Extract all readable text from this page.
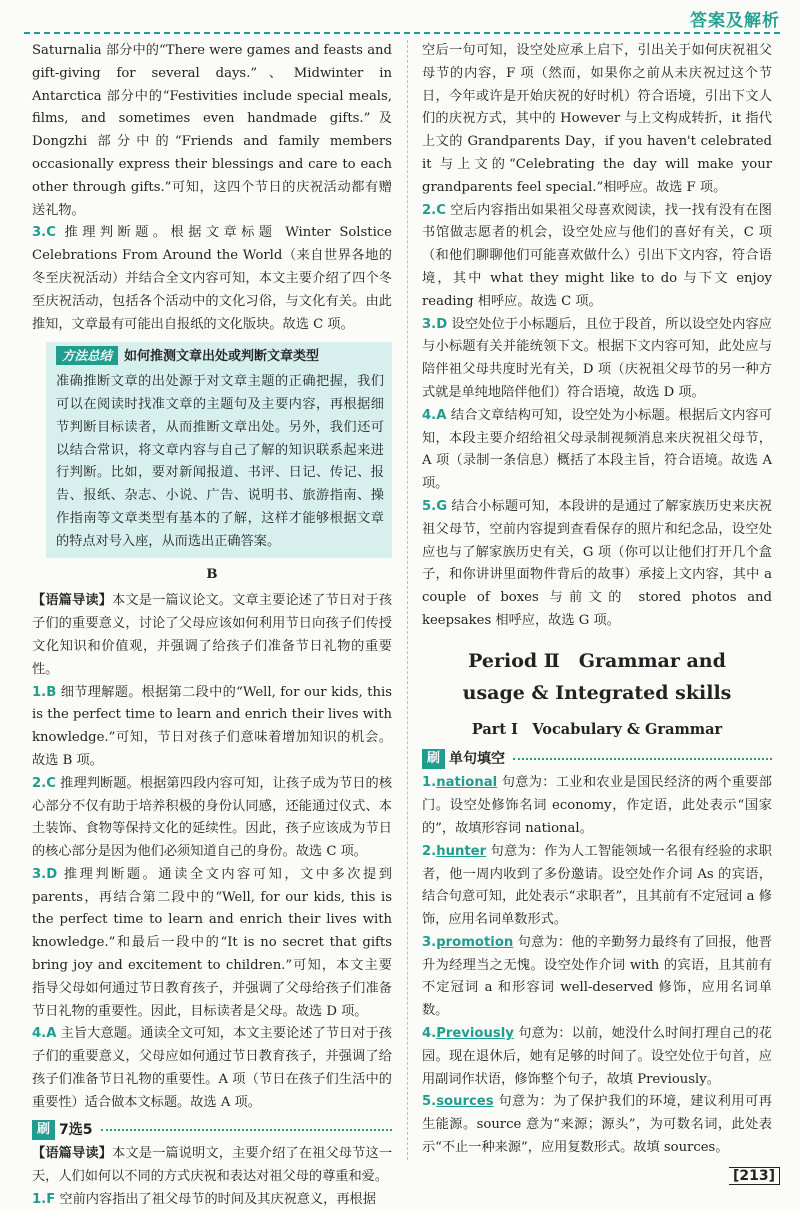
答案及解析

Saturnalia 部分中的“There were games and feasts and gift-giving for several days.”、Midwinter in Antarctica 部分中的“Festivities include special meals, films, and sometimes even handmade gifts.”及 Dongzhi 部分中的“Friends and family members occasionally express their blessings and care to each other through gifts.”可知，这四个节日的庆祝活动都有赠送礼物。

3.C 推理判断题。根据文章标题 Winter Solstice Celebrations From Around the World（来自世界各地的冬至庆祝活动）并结合全文内容可知，本文主要介绍了四个冬至庆祝活动，包括各个活动中的文化习俗，与文化有关。由此推知，文章最有可能出自报纸的文化版块。故选 C 项。

方法总结 如何推测文章出处或判断文章类型

准确推断文章的出处源于对文章主题的正确把握，我们可以在阅读时找准文章的主题句及主要内容，再根据细节判断目标读者，从而推断文章出处。另外，我们还可以结合常识，将文章内容与自己了解的知识联系起来进行判断。比如，要对新闻报道、书评、日记、传记、报告、报纸、杂志、小说、广告、说明书、旅游指南、操作指南等文章类型有基本的了解，这样才能够根据文章的特点对号入座，从而选出正确答案。

B

【语篇导读】本文是一篇议论文。文章主要论述了节日对于孩子们的重要意义，讨论了父母应该如何利用节日向孩子们传授文化知识和价值观，并强调了给孩子们准备节日礼物的重要性。

1.B 细节理解题。根据第二段中的“Well, for our kids, this is the perfect time to learn and enrich their lives with knowledge.”可知，节日对孩子们意味着增加知识的机会。故选 B 项。

2.C 推理判断题。根据第四段内容可知，让孩子成为节日的核心部分不仅有助于培养积极的身份认同感，还能通过仪式、本土装饰、食物等保持文化的延续性。因此，孩子应该成为节日的核心部分是因为他们必须知道自己的身份。故选 C 项。

3.D 推理判断题。通读全文内容可知，文中多次提到 parents，再结合第二段中的“Well, for our kids, this is the perfect time to learn and enrich their lives with knowledge.”和最后一段中的“It is no secret that gifts bring joy and excitement to children.”可知，本文主要指导父母如何通过节日教育孩子，并强调了父母给孩子们准备节日礼物的重要性。因此，目标读者是父母。故选 D 项。

4.A 主旨大意题。通读全文可知，本文主要论述了节日对于孩子们的重要意义，父母应如何通过节日教育孩子，并强调了给孩子们准备节日礼物的重要性。A 项（节日在孩子们生活中的重要性）适合做本文标题。故选 A 项。

刷 7选5

【语篇导读】本文是一篇说明文，主要介绍了在祖父母节这一天，人们如何以不同的方式庆祝和表达对祖父母的尊重和爱。

1.F 空前内容指出了祖父母节的时间及其庆祝意义，再根据

空后一句可知，设空处应承上启下，引出关于如何庆祝祖父母节的内容，F 项（然而，如果你之前从未庆祝过这个节日，今年或许是开始庆祝的好时机）符合语境，引出下文人们的庆祝方式，其中的 However 与上文构成转折，it 指代上文的 Grandparents Day，if you haven't celebrated it 与上文的“Celebrating the day will make your grandparents feel special.”相呼应。故选 F 项。

2.C 空后内容指出如果祖父母喜欢阅读，找一找有没有在图书馆做志愿者的机会，设空处应与他们的喜好有关，C 项（和他们聊聊他们可能喜欢做什么）引出下文内容，符合语境，其中 what they might like to do 与下文 enjoy reading 相呼应。故选 C 项。

3.D 设空处位于小标题后，且位于段首，所以设空处内容应与小标题有关并能统领下文。根据下文内容可知，此处应与陪伴祖父母共度时光有关，D 项（庆祝祖父母节的另一种方式就是单纯地陪伴他们）符合语境，故选 D 项。

4.A 结合文章结构可知，设空处为小标题。根据后文内容可知，本段主要介绍给祖父母录制视频消息来庆祝祖父母节，A 项（录制一条信息）概括了本段主旨，符合语境。故选 A 项。

5.G 结合小标题可知，本段讲的是通过了解家族历史来庆祝祖父母节，空前内容提到查看保存的照片和纪念品，设空处应也与了解家族历史有关，G 项（你可以让他们打开几个盒子，和你讲讲里面物件背后的故事）承接上文内容，其中 a couple of boxes 与前文的 stored photos and keepsakes 相呼应，故选 G 项。

Period Ⅱ　Grammar and
usage & Integrated skills
Part Ⅰ　Vocabulary & Grammar
刷 单句填空

1.national 句意为：工业和农业是国民经济的两个重要部门。设空处修饰名词 economy，作定语，此处表示“国家的”，故填形容词 national。

2.hunter 句意为：作为人工智能领域一名很有经验的求职者，他一周内收到了多份邀请。设空处作介词 As 的宾语，结合句意可知，此处表示“求职者”，且其前有不定冠词 a 修饰，应用名词单数形式。

3.promotion 句意为：他的辛勤努力最终有了回报，他晋升为经理当之无愧。设空处作介词 with 的宾语，且其前有不定冠词 a 和形容词 well-deserved 修饰，应用名词单数。

4.Previously 句意为：以前，她没什么时间打理自己的花园。现在退休后，她有足够的时间了。设空处位于句首，应用副词作状语，修饰整个句子，故填 Previously。

5.sources 句意为：为了保护我们的环境，建议利用可再生能源。source 意为“来源；源头”，为可数名词，此处表示“不止一种来源”，应用复数形式。故填 sources。

[213]
